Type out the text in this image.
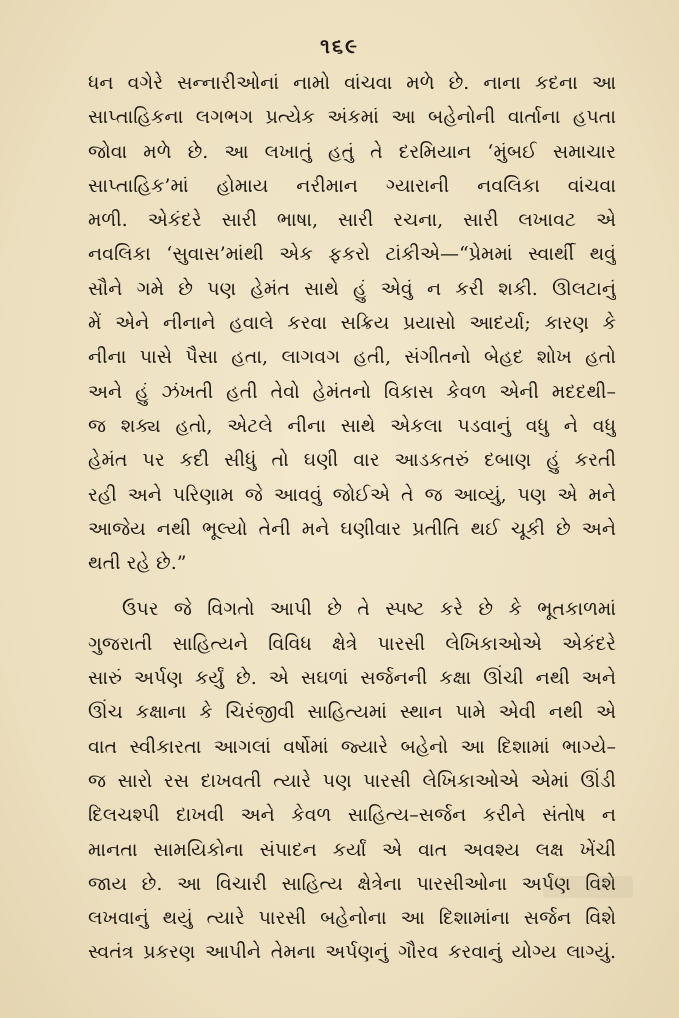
૧૬૯
ધન વગેરે સન્નારીઓનાં નામો વાંચવા મળે છે. નાના કદના આ
સાપ્તાહિકના લગભગ પ્રત્યેક અંકમાં આ બહેનોની વાર્તાના હપતા
જોવા મળે છે. આ લખાતું હતું તે દરમિયાન ‘મુંબઈ સમાચાર
સાપ્તાહિક’માં હોમાય નરીમાન ગ્યારાની નવલિકા વાંચવા
મળી. એકંદરે સારી ભાષા, સારી રચના, સારી લખાવટ એ
નવલિકા ‘સુવાસ’માંથી એક ફકરો ટાંકીએ—“પ્રેમમાં સ્વાર્થી થવું
સૌને ગમે છે પણ હેમંત સાથે હું એવું ન કરી શકી. ઊલટાનું
મેં એને નીનાને હવાલે કરવા સક્રિય પ્રયાસો આદર્યા; કારણ કે
નીના પાસે પૈસા હતા, લાગવગ હતી, સંગીતનો બેહદ શોખ હતો
અને હું ઝંખતી હતી તેવો હેમંતનો વિકાસ કેવળ એની મદદથી–
જ શક્ય હતો, એટલે નીના સાથે એકલા પડવાનું વધુ ને વધુ
હેમંત પર કદી સીધું તો ઘણી વાર આડકતરું દબાણ હું કરતી
રહી અને પરિણામ જે આવવું જોઈએ તે જ આવ્યું, પણ એ મને
આજેય નથી ભૂલ્યો તેની મને ઘણીવાર પ્રતીતિ થઈ ચૂકી છે અને
થતી રહે છે.”
ઉપર જે વિગતો આપી છે તે સ્પષ્ટ કરે છે કે ભૂતકાળમાં
ગુજરાતી સાહિત્યને વિવિધ ક્ષેત્રે પારસી લેખિકાઓએ એકંદરે
સારું અર્પણ કર્યું છે. એ સઘળાં સર્જનની કક્ષા ઊંચી નથી અને
ઊંચ કક્ષાના કે ચિરંજીવી સાહિત્યમાં સ્થાન પામે એવી નથી એ
વાત સ્વીકારતા આગલાં વર્ષોમાં જ્યારે બહેનો આ દિશામાં ભાગ્યે–
જ સારો રસ દાખવતી ત્યારે પણ પારસી લેખિકાઓએ એમાં ઊંડી
દિલચશ્પી દાખવી અને કેવળ સાહિત્ય–સર્જન કરીને સંતોષ ન
માનતા સામયિકોના સંપાદન કર્યાં એ વાત અવશ્ય લક્ષ ખેંચી
જાય છે. આ વિચારી સાહિત્ય ક્ષેત્રેના પારસીઓના અર્પણ વિશે
લખવાનું થયું ત્યારે પારસી બહેનોના આ દિશામાંના સર્જન વિશે
સ્વતંત્ર પ્રકરણ આપીને તેમના અર્પણનું ગૌરવ કરવાનું યોગ્ય લાગ્યું.
